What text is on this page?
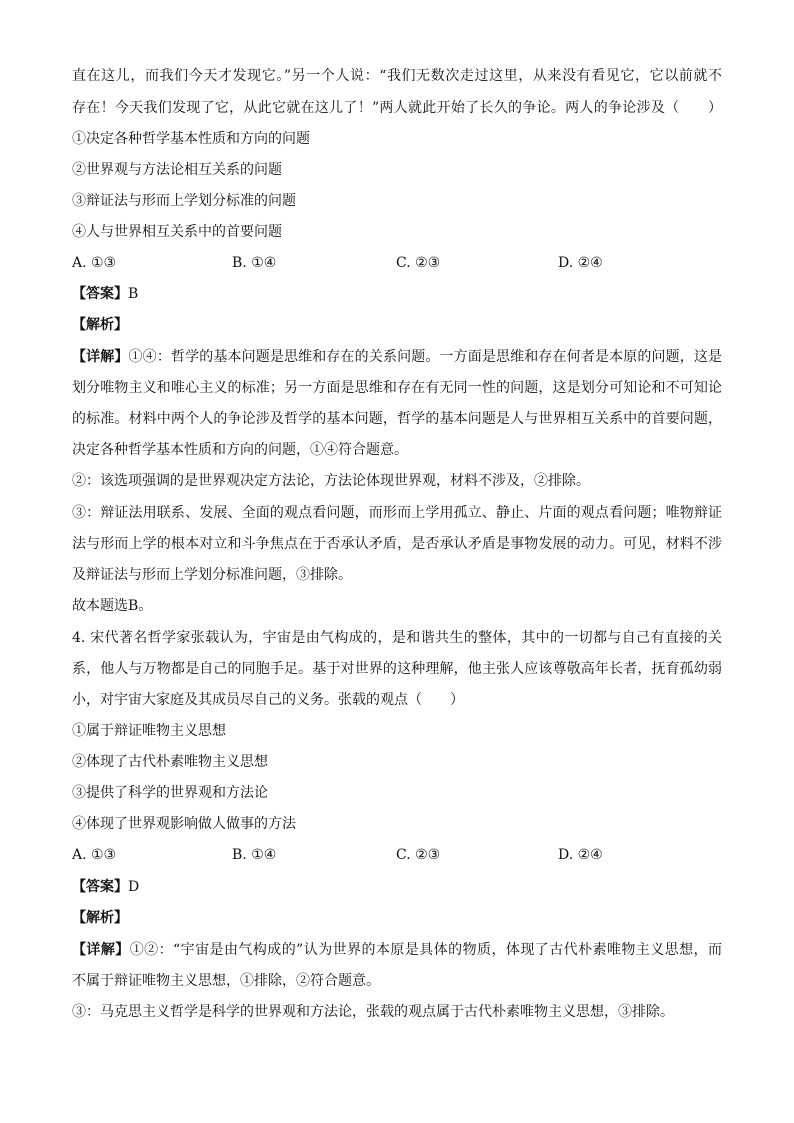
直在这儿，而我们今天才发现它。”另一个人说：“我们无数次走过这里，从来没有看见它，它以前就不
存在！今天我们发现了它，从此它就在这儿了！”两人就此开始了长久的争论。两人的争论涉及（　　）
①决定各种哲学基本性质和方向的问题
②世界观与方法论相互关系的问题
③辩证法与形而上学划分标准的问题
④人与世界相互关系中的首要问题
A. ①③	B. ①④	C. ②③	D. ②④
【答案】B
【解析】
【详解】①④：哲学的基本问题是思维和存在的关系问题。一方面是思维和存在何者是本原的问题，这是
划分唯物主义和唯心主义的标准；另一方面是思维和存在有无同一性的问题，这是划分可知论和不可知论
的标准。材料中两个人的争论涉及哲学的基本问题，哲学的基本问题是人与世界相互关系中的首要问题，
决定各种哲学基本性质和方向的问题，①④符合题意。
②：该选项强调的是世界观决定方法论，方法论体现世界观，材料不涉及，②排除。
③：辩证法用联系、发展、全面的观点看问题，而形而上学用孤立、静止、片面的观点看问题；唯物辩证
法与形而上学的根本对立和斗争焦点在于否承认矛盾，是否承认矛盾是事物发展的动力。可见，材料不涉
及辩证法与形而上学划分标准问题，③排除。
故本题选B。
4. 宋代著名哲学家张载认为，宇宙是由气构成的，是和谐共生的整体，其中的一切都与自己有直接的关
系，他人与万物都是自己的同胞手足。基于对世界的这种理解，他主张人应该尊敬高年长者，抚育孤幼弱
小，对宇宙大家庭及其成员尽自己的义务。张载的观点（　　）
①属于辩证唯物主义思想
②体现了古代朴素唯物主义思想
③提供了科学的世界观和方法论
④体现了世界观影响做人做事的方法
A. ①③	B. ①④	C. ②③	D. ②④
【答案】D
【解析】
【详解】①②：“宇宙是由气构成的”认为世界的本原是具体的物质，体现了古代朴素唯物主义思想，而
不属于辩证唯物主义思想，①排除，②符合题意。
③：马克思主义哲学是科学的世界观和方法论，张载的观点属于古代朴素唯物主义思想，③排除。
